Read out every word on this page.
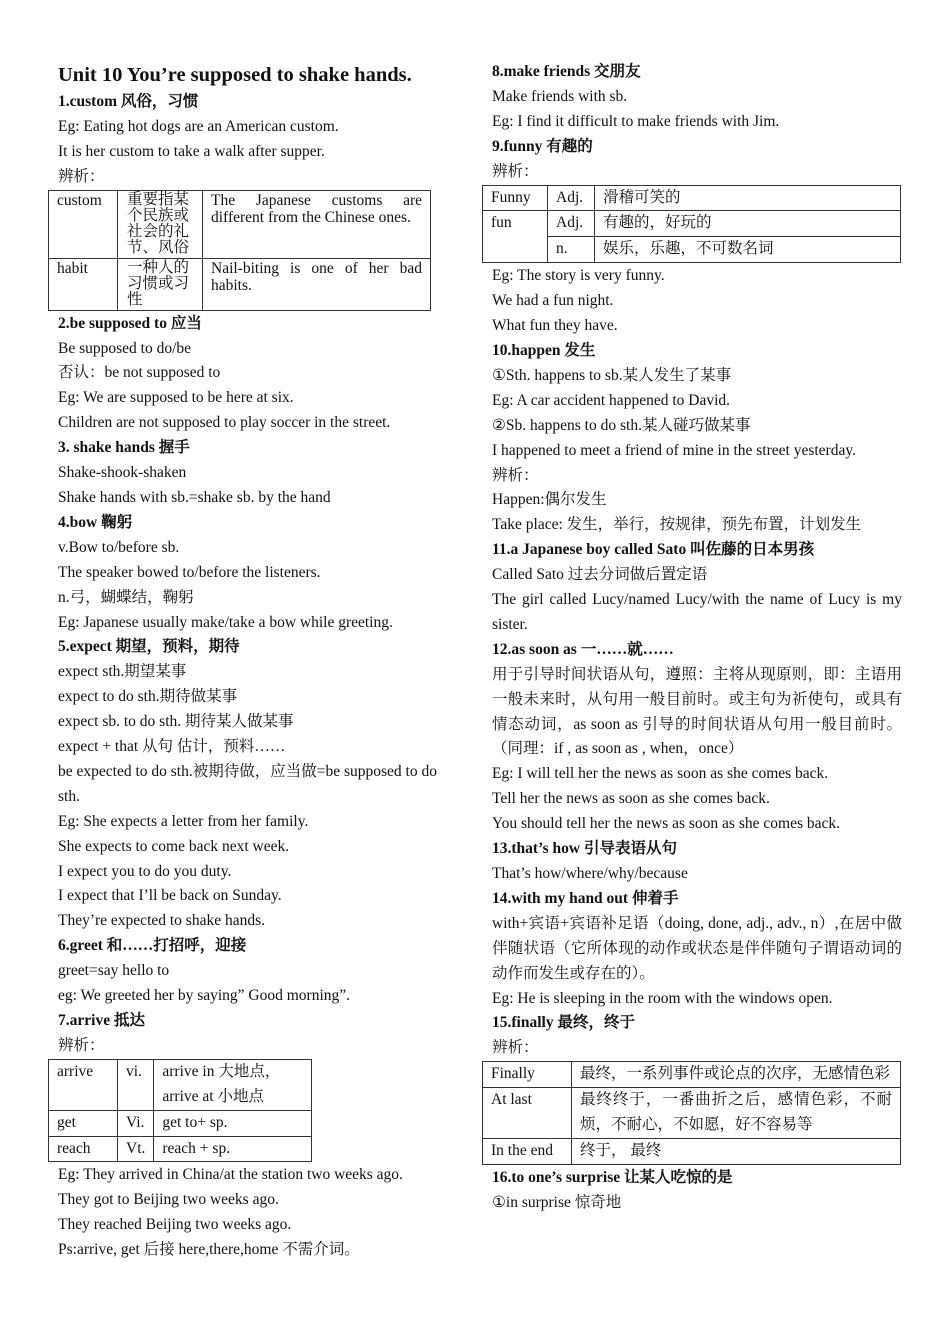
Unit 10 You’re supposed to shake hands.
1.custom 风俗，习惯
Eg: Eating hot dogs are an American custom.
It is her custom to take a walk after supper.
辨析：
custom	重要指某个民族或社会的礼节、风俗	The Japanese customs are different from the Chinese ones.
habit	一种人的习惯或习性	Nail-biting is one of her bad habits.
2.be supposed to 应当
Be supposed to do/be
否认：be not supposed to
Eg: We are supposed to be here at six.
Children are not supposed to play soccer in the street.
3. shake hands 握手
Shake-shook-shaken
Shake hands with sb.=shake sb. by the hand
4.bow 鞠躬
v.Bow to/before sb.
The speaker bowed to/before the listeners.
n.弓，蝴蝶结，鞠躬
Eg: Japanese usually make/take a bow while greeting.
5.expect 期望，预料，期待
expect sth.期望某事
expect to do sth.期待做某事
expect sb. to do sth. 期待某人做某事
expect + that 从句 估计，预料……
be expected to do sth.被期待做，应当做=be supposed to do sth.
Eg: She expects a letter from her family.
She expects to come back next week.
I expect you to do you duty.
I expect that I’ll be back on Sunday.
They’re expected to shake hands.
6.greet 和……打招呼，迎接
greet=say hello to
eg: We greeted her by saying” Good morning”.
7.arrive 抵达
辨析：
arrive	vi.	arrive in 大地点，arrive at 小地点
get	Vi.	get to+ sp.
reach	Vt.	reach + sp.
Eg: They arrived in China/at the station two weeks ago.
They got to Beijing two weeks ago.
They reached Beijing two weeks ago.
Ps:arrive, get 后接 here,there,home 不需介词。
8.make friends 交朋友
Make friends with sb.
Eg: I find it difficult to make friends with Jim.
9.funny 有趣的
辨析：
Funny	Adj.	滑稽可笑的
fun	Adj.	有趣的，好玩的
	n.	娱乐，乐趣，不可数名词
Eg: The story is very funny.
We had a fun night.
What fun they have.
10.happen 发生
①Sth. happens to sb.某人发生了某事
Eg: A car accident happened to David.
②Sb. happens to do sth.某人碰巧做某事
I happened to meet a friend of mine in the street yesterday.
辨析：
Happen:偶尔发生
Take place: 发生，举行，按规律，预先布置，计划发生
11.a Japanese boy called Sato 叫佐藤的日本男孩
Called Sato 过去分词做后置定语
The girl called Lucy/named Lucy/with the name of Lucy is my sister.
12.as soon as 一……就……
用于引导时间状语从句，遵照：主将从现原则，即：主语用一般未来时，从句用一般目前时。或主句为祈使句，或具有情态动词，as soon as 引导的时间状语从句用一般目前时。（同理：if , as soon as , when，once）
Eg: I will tell her the news as soon as she comes back.
Tell her the news as soon as she comes back.
You should tell her the news as soon as she comes back.
13.that’s how 引导表语从句
That’s how/where/why/because
14.with my hand out 伸着手
with+宾语+宾语补足语（doing, done, adj., adv., n）,在居中做伴随状语（它所体现的动作或状态是伴伴随句子谓语动词的动作而发生或存在的）。
Eg: He is sleeping in the room with the windows open.
15.finally 最终，终于
辨析：
Finally	最终，一系列事件或论点的次序，无感情色彩
At last	最终终于，一番曲折之后，感情色彩，不耐烦，不耐心，不如愿，好不容易等
In the end	终于， 最终
16.to one’s surprise 让某人吃惊的是
①in surprise 惊奇地
